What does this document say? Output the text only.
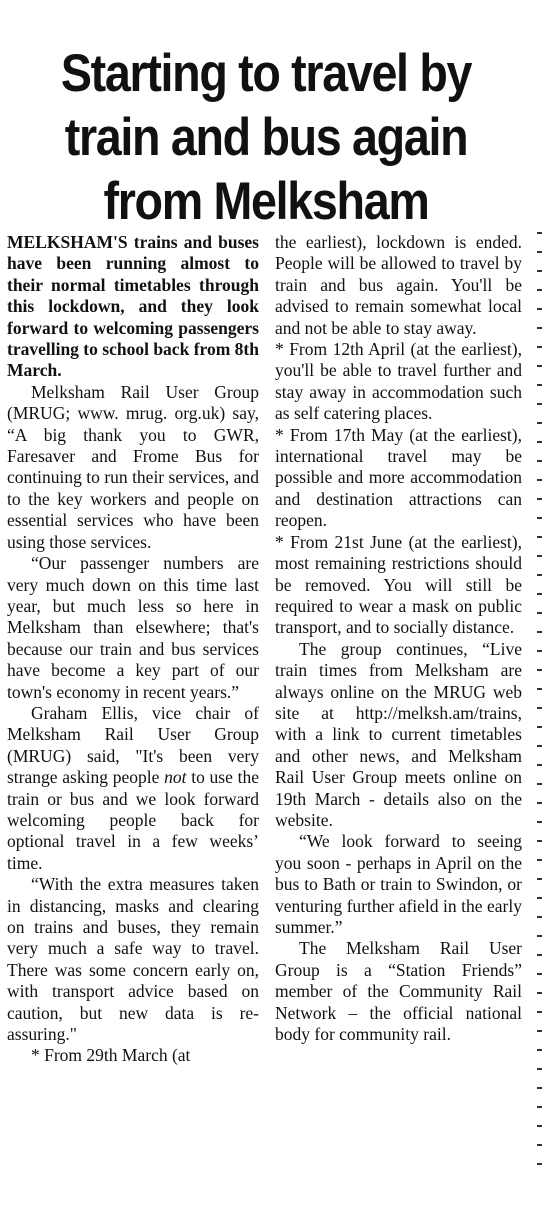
Starting to travel by
train and bus again
from Melksham

MELKSHAM'S trains and buses have been running almost to their normal timetables through this lockdown, and they look forward to welcoming passengers travelling to school back from 8th March.

Melksham Rail User Group (MRUG; www. mrug. org.uk) say, “A big thank you to GWR, Faresaver and Frome Bus for continuing to run their services, and to the key workers and people on essential services who have been using those services.

“Our passenger numbers are very much down on this time last year, but much less so here in Melksham than elsewhere; that's because our train and bus services have become a key part of our town's economy in recent years.”

Graham Ellis, vice chair of Melksham Rail User Group (MRUG) said, "It's been very strange asking people not to use the train or bus and we look forward welcoming people back for optional travel in a few weeks’ time.

“With the extra measures taken in distancing, masks and clearing on trains and buses, they remain very much a safe way to travel. There was some concern early on, with transport advice based on caution, but new data is re-assuring."

* From 29th March (at

the earliest), lockdown is ended. People will be allowed to travel by train and bus again. You'll be advised to remain somewhat local and not be able to stay away.

* From 12th April (at the earliest), you'll be able to travel further and stay away in accommodation such as self catering places.

* From 17th May (at the earliest), international travel may be possible and more accommodation and destination attractions can reopen.

* From 21st June (at the earliest), most remaining restrictions should be removed. You will still be required to wear a mask on public transport, and to socially distance.

The group continues, “Live train times from Melksham are always online on the MRUG web site at http://melksh.am/trains, with a link to current timetables and other news, and Melksham Rail User Group meets online on 19th March - details also on the website.

“We look forward to seeing you soon - perhaps in April on the bus to Bath or train to Swindon, or venturing further afield in the early summer.”

The Melksham Rail User Group is a “Station Friends” member of the Community Rail Network – the official national body for community rail.
